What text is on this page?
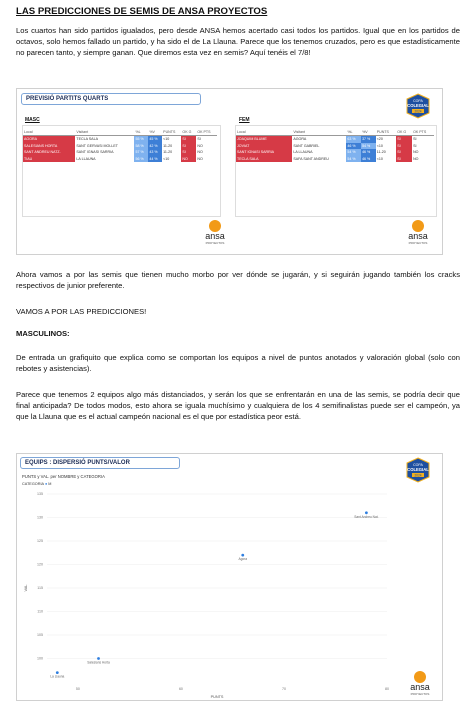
LAS PREDICCIONES DE SEMIS DE ANSA PROYECTOS
Los cuartos han sido partidos igualados, pero desde ANSA hemos acertado casi todos los partidos. Igual que en los partidos de octavos, solo hemos fallado un partido, y ha sido el de La Llauna. Parece que los tenemos cruzados, pero es que estadísticamente no parecen tanto, y siempre ganan. Que diremos esta vez en semis? Aquí tenéis el 7/8!
PREVISIÓ PARTITS QUARTS	COPA
COLEGIAL
2024
MASC	FEM
Local	Visitant	%L	%V	PUNTS	OK G	OK PTS
AGORA	TECLA SALA	55 %	45 %	<10	SI	SI
SALESIANS HORTA	SANT GERVASI MOLLET	58 %	42 %	11-20	SI	NO
SANT ANDREU NATZ.	SANT IGNASI SARRIA	57 %	43 %	11-20	SI	NO
TIAU	LA LLAUNA	56 %	44 %	<10	NO	NO
Local	Visitant	%L	%V	PUNTS	OK G	OK PTS
JOAQUIM BLUME	AGORA	63 %	37 %	<20	SI	SI
JOVIAT	SANT GABRIEL	46 %	54 %	<10	SI	SI
SANT IGNASI SARRIA	LA LLAUNA	54 %	46 %	11-20	SI	NO
TECLA SALA	SAFA SANT ANDREU	54 %	46 %	<10	SI	NO
ansa
PROYECTOS
ansa
PROYECTOS
Ahora vamos a por las semis que tienen mucho morbo por ver dónde se jugarán, y si seguirán jugando también los cracks respectivos de junior preferente.
VAMOS A POR LAS PREDICCIONES!
MASCULINOS:
De entrada un grafiquito que explica como se comportan los equipos a nivel de puntos anotados y valoración global (solo con rebotes y asistencias).
Parece que tenemos 2 equipos algo más distanciados, y serán los que se enfrentarán en una de las semis, se podría decir que final anticipada? De todos modos, esto ahora se iguala muchísimo y cualquiera de los 4 semifinalistas puede ser el campeón, ya que la Llauna que es el actual campeón nacional es el que por estadística peor está.
EQUIPS : DISPERSIÓ PUNTS/VALOR
PUNTS y VAL. per NOMBRE y CATEGORIA
CATEGORIA ● M
COPA
COLEGIAL
2024
100
105
110
115
120
125
130
135
50	60	70	80
PUNTS
VAL
Sant Andreu Nat.
Agora
Salesians Horta
La Llauna
ansa
PROYECTOS
